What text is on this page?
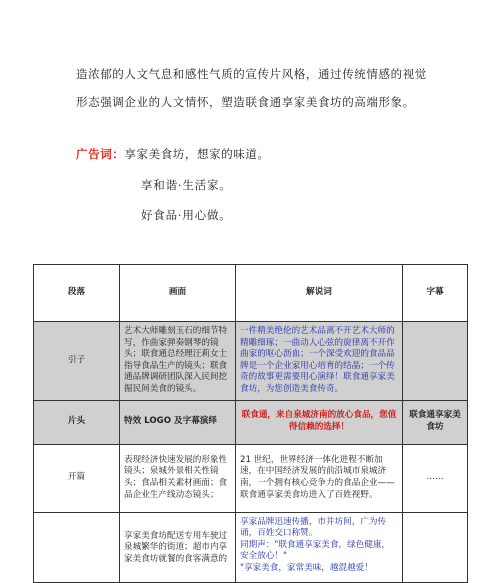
造浓郁的人文气息和感性气质的宣传片风格，通过传统情感的视觉
形态强调企业的人文情怀，塑造联食通享家美食坊的高端形象。
广告词：享家美食坊，想家的味道。
享和谐·生活家。
好食品·用心做。
段落	画面	解说词	字幕
引子	艺术大师雕刻玉石的细节特写，作曲家弹奏钢琴的镜头；联食通总经理汪莉女士指导食品生产的镜头；联食通品牌调研团队深入民间挖掘民间美食的镜头。	一件精美绝伦的艺术品离不开艺术大师的精雕细琢；一曲动人心弦的旋律离不开作曲家的呕心沥血；一个深受欢迎的食品品牌是一个企业家用心培育的结晶；一个传奇的故事更需要用心演绎！联食通享家美食坊，为您创造美食传奇。	
片头	特效 LOGO 及字幕演绎	联食通，来自泉城济南的放心食品，您值得信赖的选择！	联食通享家美食坊
开篇	表现经济快速发展的形象性镜头；泉城外景相关性镜头；食品相关素材画面；食品企业生产线动态镜头；	21 世纪，世界经济一体化进程不断加速，在中国经济发展的前沿城市泉城济南，一个拥有核心竞争力的食品企业——联食通享家美食坊进入了百姓视野。	……
	享家美食坊配送专用车驶过泉城繁华的街道；超市内享家美食坊就餐的食客满意的	享家品牌迅速传播，市井坊间，广为传诵，百姓交口称赞。
同期声："联食通享家美食，绿色健康，安全放心！"
"享家美食，家常美味，越混越爱！	
